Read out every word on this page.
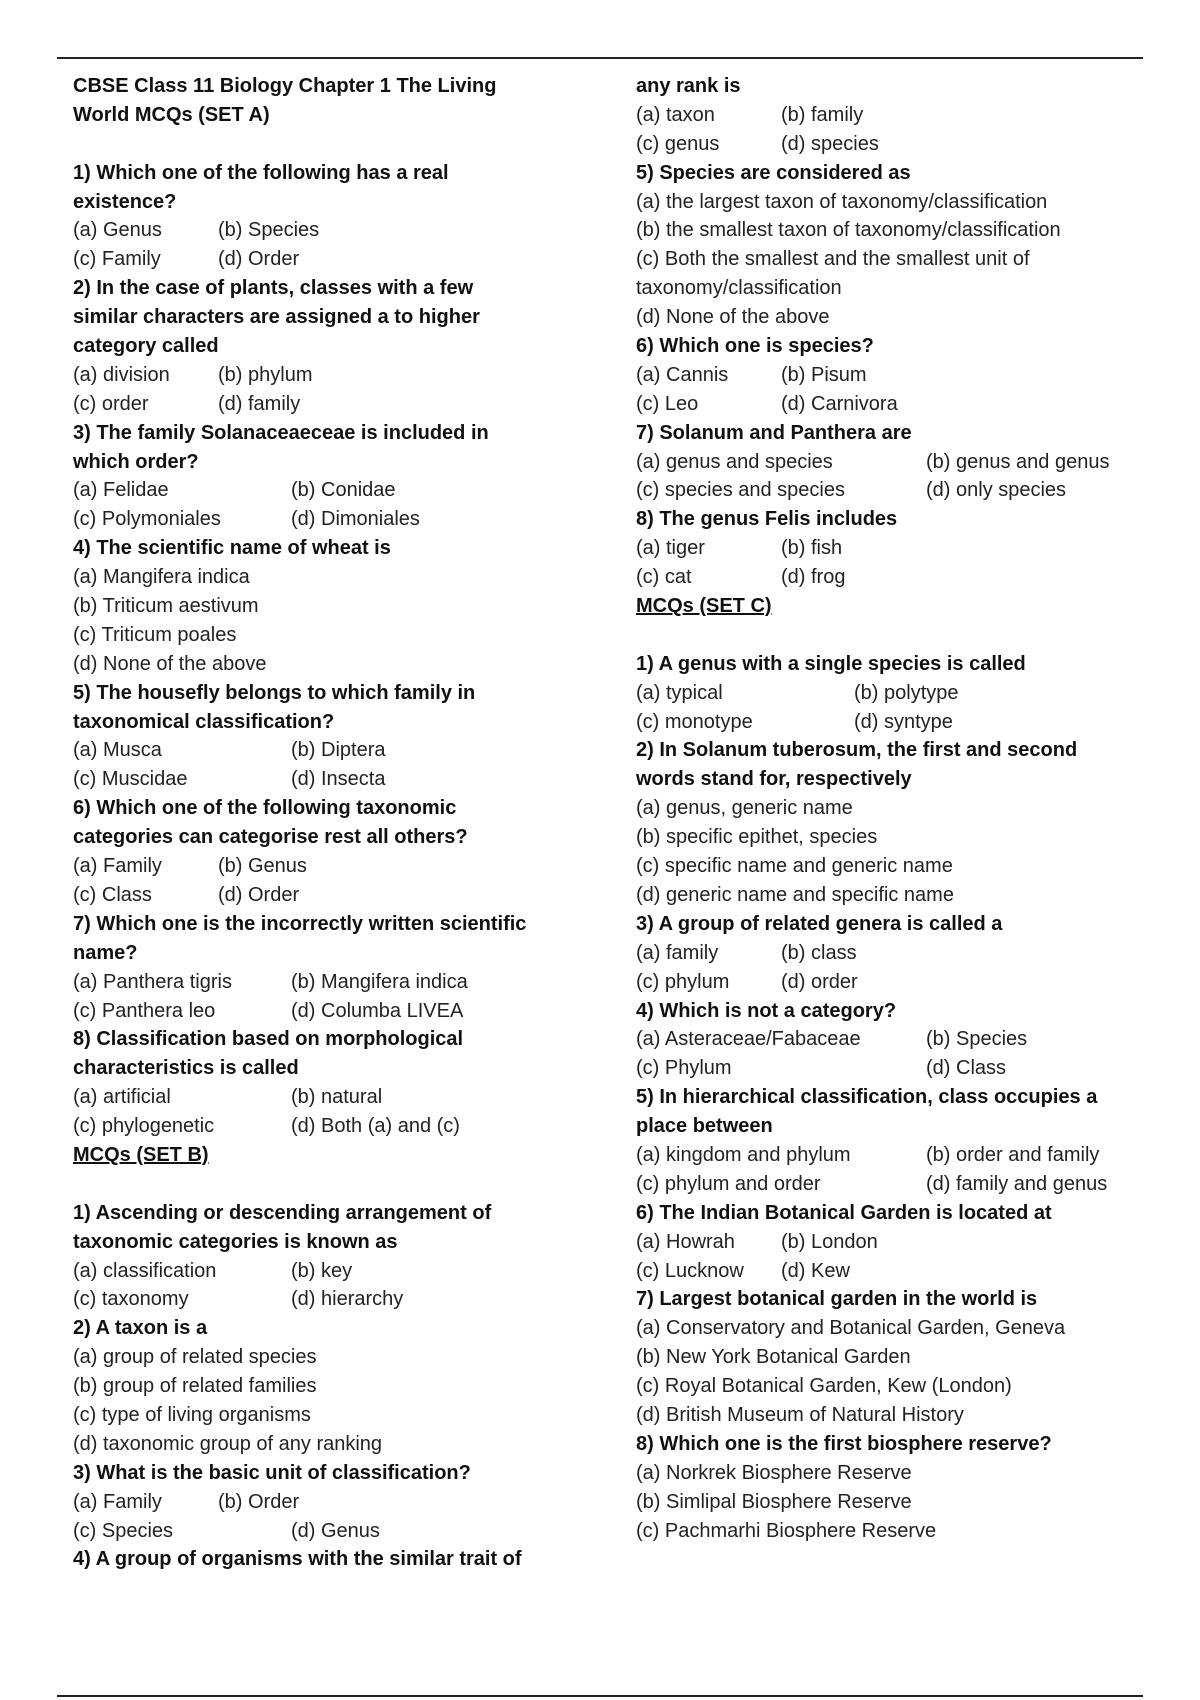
CBSE Class 11 Biology Chapter 1 The Living
World MCQs (SET A)
1) Which one of the following has a real
existence?
(a) Genus	(b) Species
(c) Family	(d) Order
2) In the case of plants, classes with a few
similar characters are assigned a to higher
category called
(a) division (b) phylum
(c) order	(d) family
3) The family Solanaceaeceae is included in
which order?
(a) Felidae	(b) Conidae
(c) Polymoniales	(d) Dimoniales
4) The scientific name of wheat is
(a) Mangifera indica
(b) Triticum aestivum
(c) Triticum poales
(d) None of the above
5) The housefly belongs to which family in
taxonomical classification?
(a) Musca	(b) Diptera
(c) Muscidae	(d) Insecta
6) Which one of the following taxonomic
categories can categorise rest all others?
(a) Family	(b) Genus
(c) Class	(d) Order
7) Which one is the incorrectly written scientific
name?
(a) Panthera tigris	(b) Mangifera indica
(c) Panthera leo	(d) Columba LIVEA
8) Classification based on morphological
characteristics is called
(a) artificial	(b) natural
(c) phylogenetic	(d) Both (a) and (c)
MCQs (SET B)
1) Ascending or descending arrangement of
taxonomic categories is known as
(a) classification	(b) key
(c) taxonomy	(d) hierarchy
2) A taxon is a
(a) group of related species
(b) group of related families
(c) type of living organisms
(d) taxonomic group of any ranking
3) What is the basic unit of classification?
(a) Family	(b) Order
(c) Species	(d) Genus
4) A group of organisms with the similar trait of
any rank is
(a) taxon	(b) family
(c) genus	(d) species
5) Species are considered as
(a) the largest taxon of taxonomy/classification
(b) the smallest taxon of taxonomy/classification
(c) Both the smallest and the smallest unit of
taxonomy/classification
(d) None of the above
6) Which one is species?
(a) Cannis	(b) Pisum
(c) Leo	(d) Carnivora
7) Solanum and Panthera are
(a) genus and species	(b) genus and genus
(c) species and species	(d) only species
8) The genus Felis includes
(a) tiger	(b) fish
(c) cat	(d) frog
MCQs (SET C)
1) A genus with a single species is called
(a) typical	(b) polytype
(c) monotype	(d) syntype
2) In Solanum tuberosum, the first and second
words stand for, respectively
(a) genus, generic name
(b) specific epithet, species
(c) specific name and generic name
(d) generic name and specific name
3) A group of related genera is called a
(a) family	(b) class
(c) phylum	(d) order
4) Which is not a category?
(a) Asteraceae/Fabaceae	(b) Species
(c) Phylum	(d) Class
5) In hierarchical classification, class occupies a
place between
(a) kingdom and phylum	(b) order and family
(c) phylum and order	(d) family and genus
6) The Indian Botanical Garden is located at
(a) Howrah (b) London
(c) Lucknow (d) Kew
7) Largest botanical garden in the world is
(a) Conservatory and Botanical Garden, Geneva
(b) New York Botanical Garden
(c) Royal Botanical Garden, Kew (London)
(d) British Museum of Natural History
8) Which one is the first biosphere reserve?
(a) Norkrek Biosphere Reserve
(b) Simlipal Biosphere Reserve
(c) Pachmarhi Biosphere Reserve
